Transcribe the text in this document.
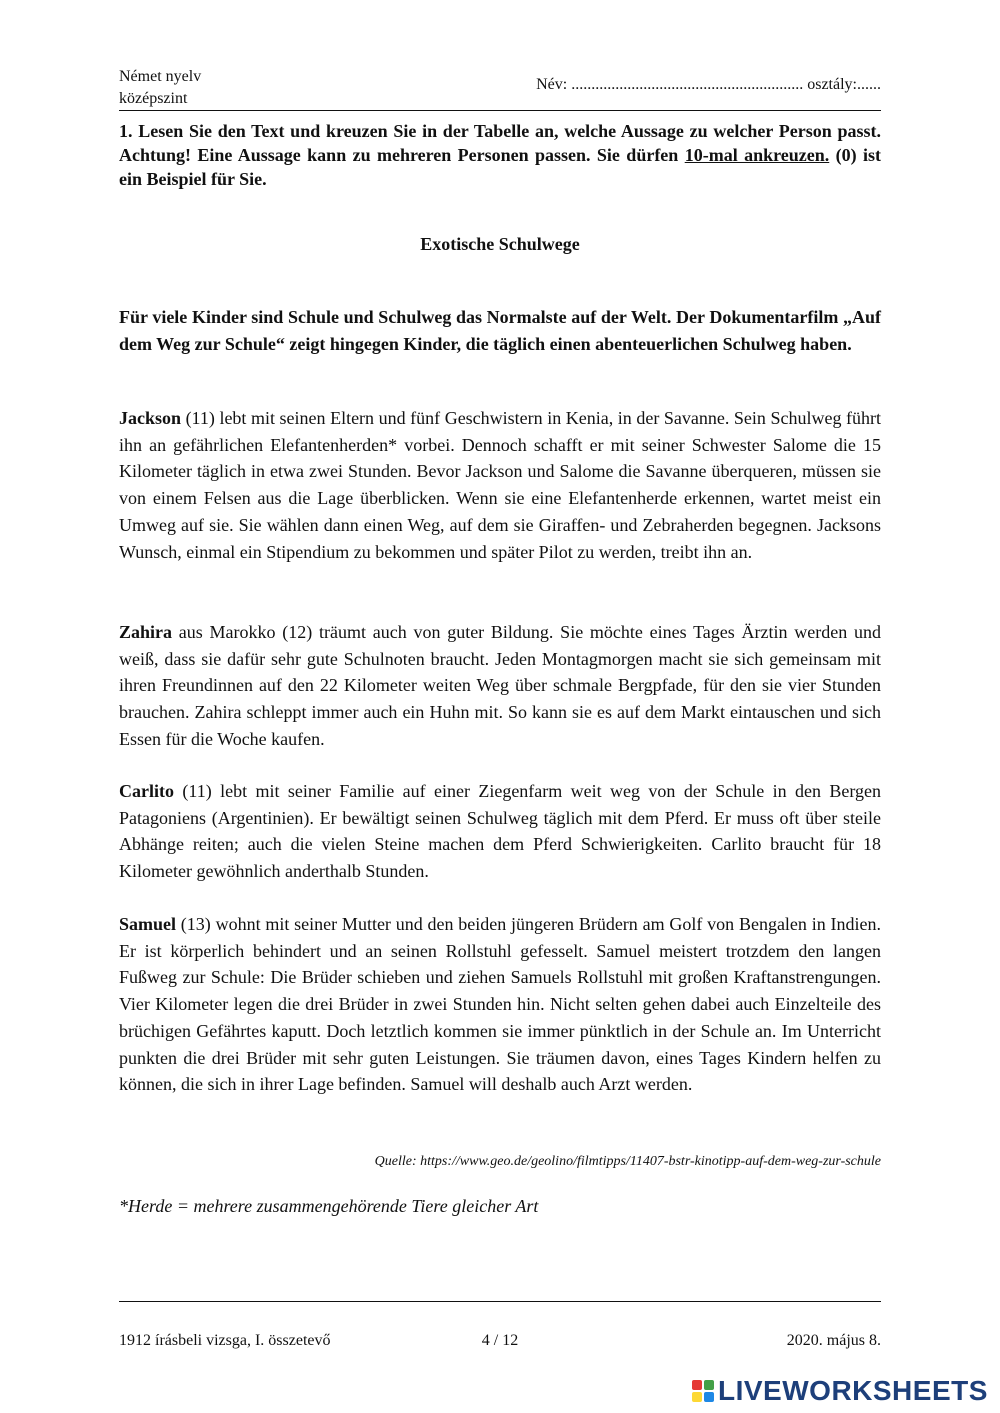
Német nyelv
középszint
Név: .......................................................... osztály:......
1. Lesen Sie den Text und kreuzen Sie in der Tabelle an, welche Aussage zu welcher Person passt. Achtung! Eine Aussage kann zu mehreren Personen passen. Sie dürfen 10-mal ankreuzen. (0) ist ein Beispiel für Sie.
Exotische Schulwege
Für viele Kinder sind Schule und Schulweg das Normalste auf der Welt. Der Dokumentarfilm „Auf dem Weg zur Schule“ zeigt hingegen Kinder, die täglich einen abenteuerlichen Schulweg haben.
Jackson (11) lebt mit seinen Eltern und fünf Geschwistern in Kenia, in der Savanne. Sein Schulweg führt ihn an gefährlichen Elefantenherden* vorbei. Dennoch schafft er mit seiner Schwester Salome die 15 Kilometer täglich in etwa zwei Stunden. Bevor Jackson und Salome die Savanne überqueren, müssen sie von einem Felsen aus die Lage überblicken. Wenn sie eine Elefantenherde erkennen, wartet meist ein Umweg auf sie. Sie wählen dann einen Weg, auf dem sie Giraffen- und Zebraherden begegnen. Jacksons Wunsch, einmal ein Stipendium zu bekommen und später Pilot zu werden, treibt ihn an.
Zahira aus Marokko (12) träumt auch von guter Bildung. Sie möchte eines Tages Ärztin werden und weiß, dass sie dafür sehr gute Schulnoten braucht. Jeden Montagmorgen macht sie sich gemeinsam mit ihren Freundinnen auf den 22 Kilometer weiten Weg über schmale Bergpfade, für den sie vier Stunden brauchen. Zahira schleppt immer auch ein Huhn mit. So kann sie es auf dem Markt eintauschen und sich Essen für die Woche kaufen.
Carlito (11) lebt mit seiner Familie auf einer Ziegenfarm weit weg von der Schule in den Bergen Patagoniens (Argentinien). Er bewältigt seinen Schulweg täglich mit dem Pferd. Er muss oft über steile Abhänge reiten; auch die vielen Steine machen dem Pferd Schwierigkeiten. Carlito braucht für 18 Kilometer gewöhnlich anderthalb Stunden.
Samuel (13) wohnt mit seiner Mutter und den beiden jüngeren Brüdern am Golf von Bengalen in Indien. Er ist körperlich behindert und an seinen Rollstuhl gefesselt. Samuel meistert trotzdem den langen Fußweg zur Schule: Die Brüder schieben und ziehen Samuels Rollstuhl mit großen Kraftanstrengungen. Vier Kilometer legen die drei Brüder in zwei Stunden hin. Nicht selten gehen dabei auch Einzelteile des brüchigen Gefährtes kaputt. Doch letztlich kommen sie immer pünktlich in der Schule an. Im Unterricht punkten die drei Brüder mit sehr guten Leistungen. Sie träumen davon, eines Tages Kindern helfen zu können, die sich in ihrer Lage befinden. Samuel will deshalb auch Arzt werden.
Quelle: https://www.geo.de/geolino/filmtipps/11407-bstr-kinotipp-auf-dem-weg-zur-schule
*Herde = mehrere zusammengehörende Tiere gleicher Art
1912 írásbeli vizsga, I. összetevő	4 / 12	2020. május 8.
LIVEWORKSHEETS
